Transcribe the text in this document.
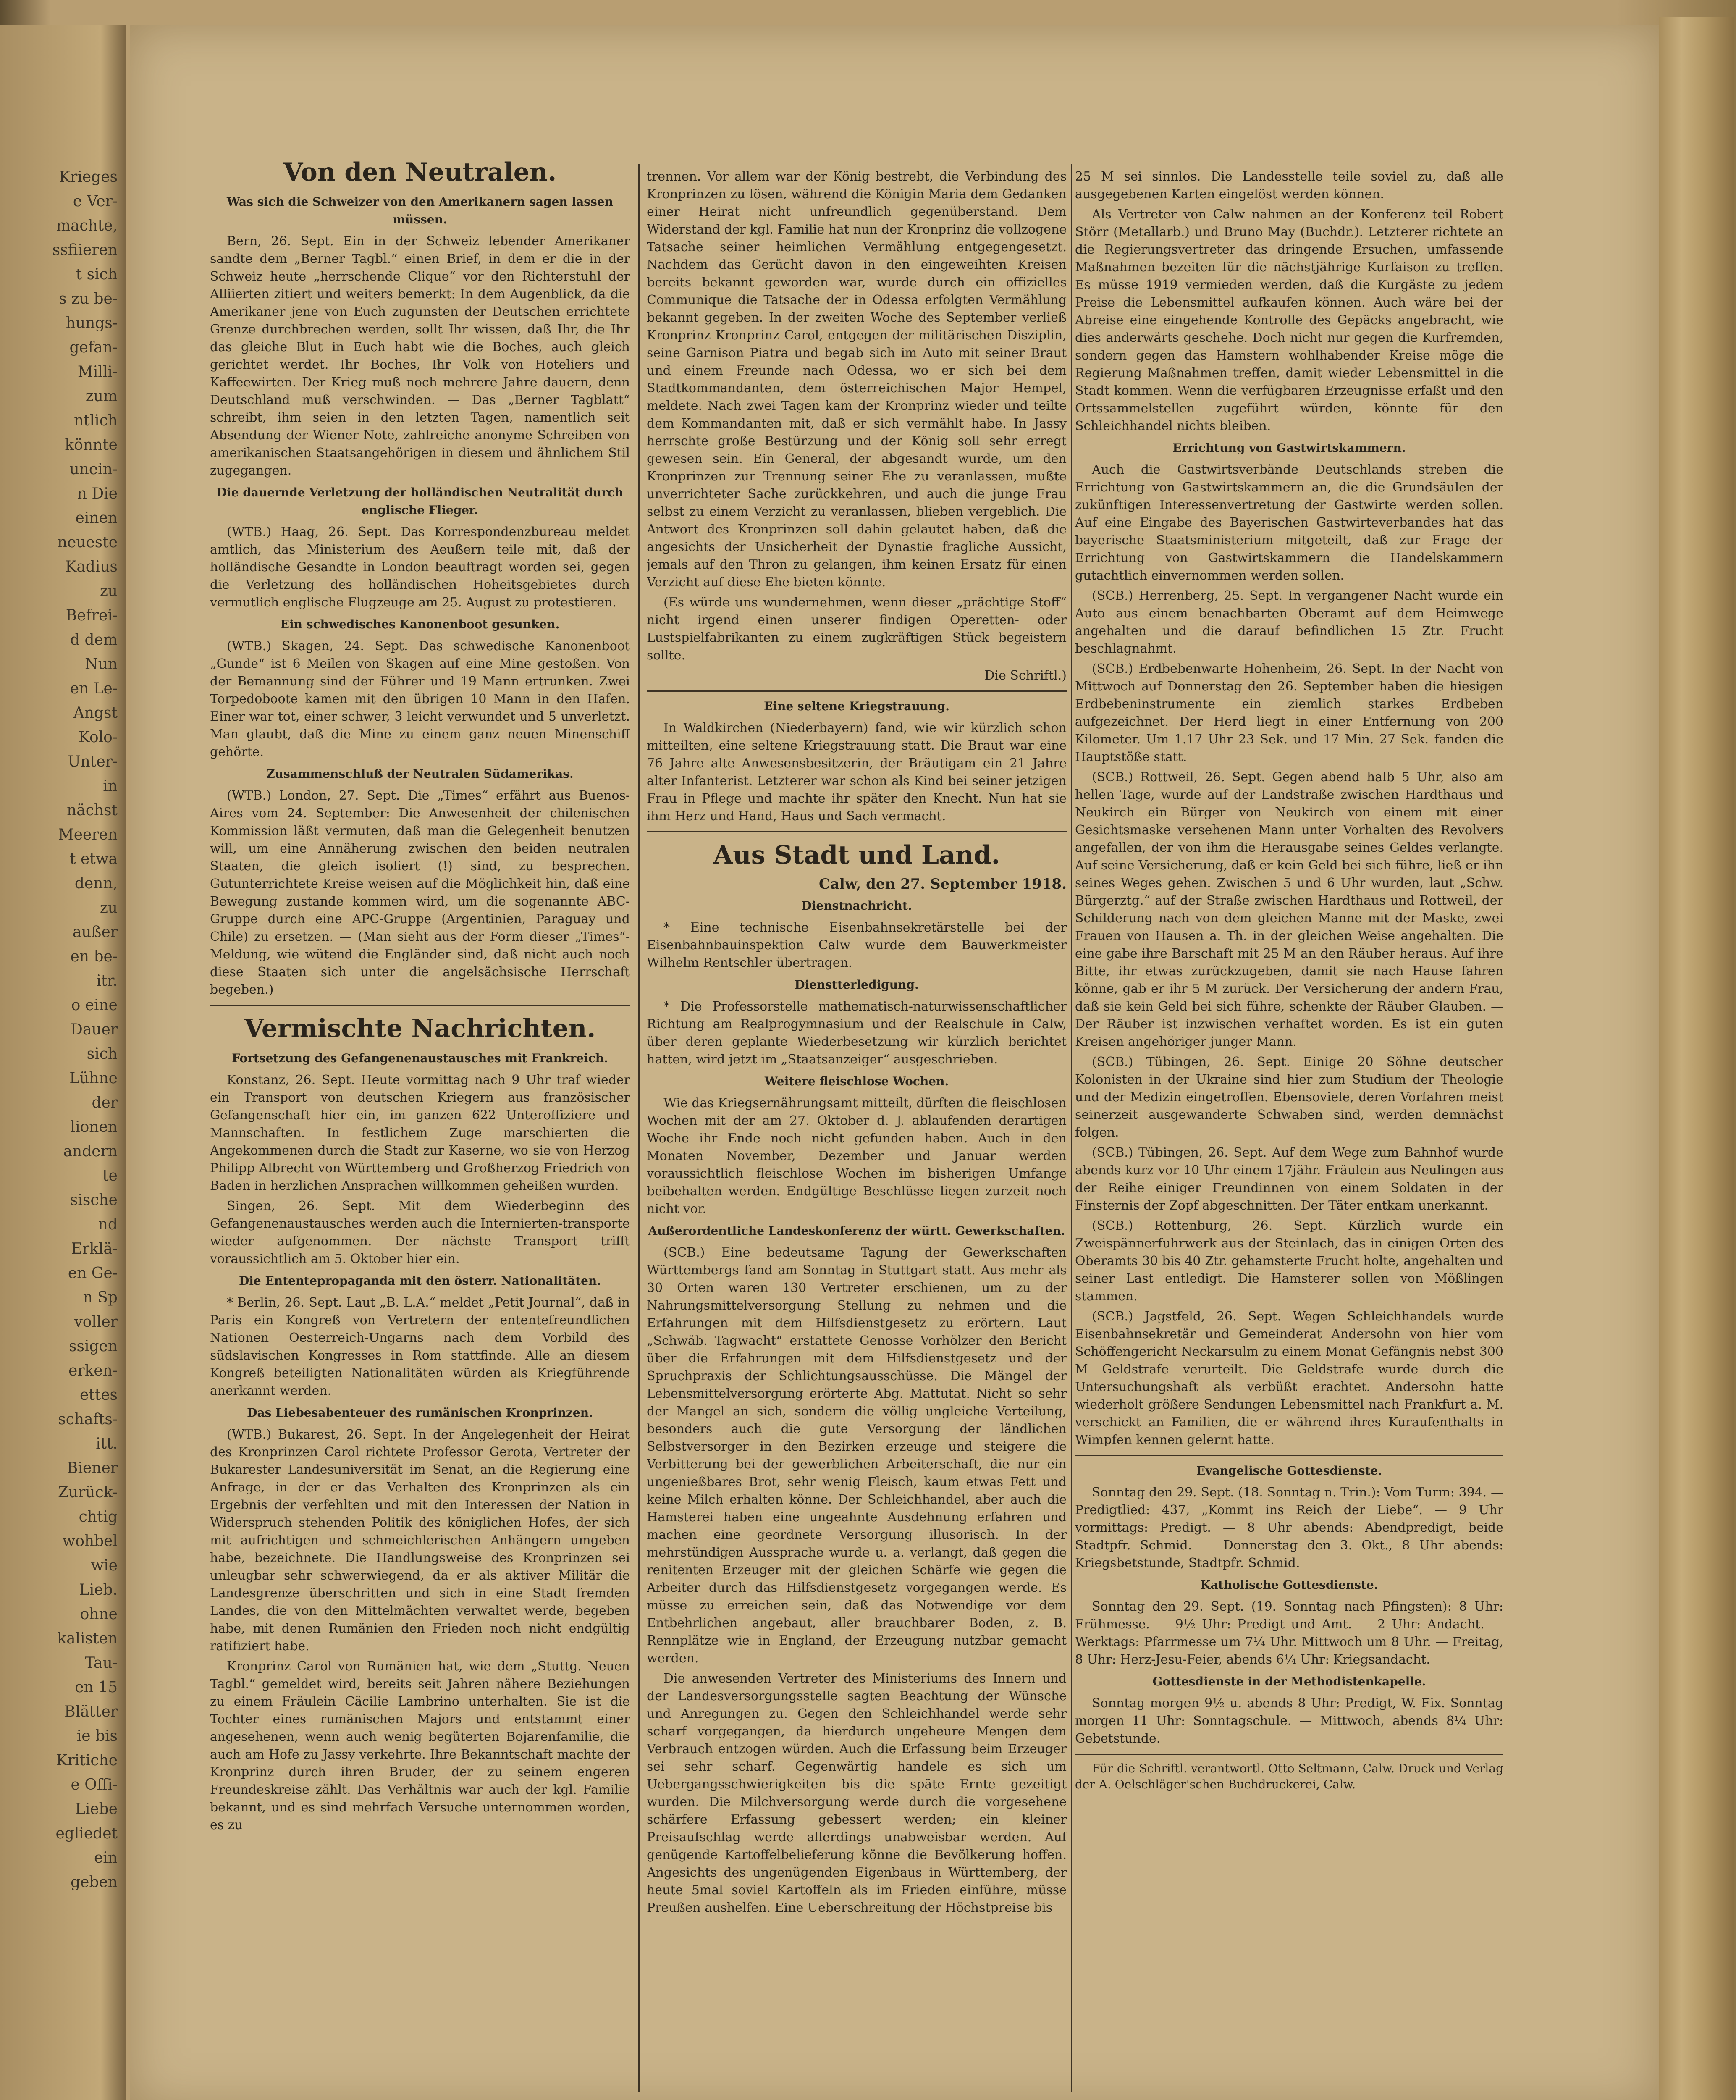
Krieges
e Ver-
machte,
ssfiieren
t sich
s zu be-
hungs-
gefan-
Milli-
zum
ntlich
könnte
unein-
n Die
einen
neueste
Kadius
zu
Befrei-
d dem
Nun
en Le-
Angst
Kolo-
Unter-
in
nächst
Meeren
t etwa
denn,
zu
außer
en be-
itr.
o eine
Dauer
sich
Lühne
der
lionen
andern
te
sische
nd
Erklä-
en Ge-
n Sp
voller
ssigen
erken-
ettes
schafts-
itt.
Biener
Zurück-
chtig
wohbel
wie
Lieb.
ohne
kalisten
Tau-
en 15
Blätter
ie bis
Kritiche
e Offi-
Liebe
egliedet
ein
geben
Von den Neutralen.
Was sich die Schweizer von den Amerikanern sagen lassen müssen.

Bern, 26. Sept. Ein in der Schweiz lebender Amerikaner sandte dem „Berner Tagbl.“ einen Brief, in dem er die in der Schweiz heute „herrschende Clique“ vor den Richterstuhl der Alliierten zitiert und weiters bemerkt: In dem Augenblick, da die Amerikaner jene von Euch zugunsten der Deutschen errichtete Grenze durchbrechen werden, sollt Ihr wissen, daß Ihr, die Ihr das gleiche Blut in Euch habt wie die Boches, auch gleich gerichtet werdet. Ihr Boches, Ihr Volk von Hoteliers und Kaffeewirten. Der Krieg muß noch mehrere Jahre dauern, denn Deutschland muß verschwinden. — Das „Berner Tagblatt“ schreibt, ihm seien in den letzten Tagen, namentlich seit Absendung der Wiener Note, zahlreiche anonyme Schreiben von amerikanischen Staatsangehörigen in diesem und ähnlichem Stil zugegangen.

Die dauernde Verletzung der holländischen Neutralität durch englische Flieger.

(WTB.) Haag, 26. Sept. Das Korrespondenzbureau meldet amtlich, das Ministerium des Aeußern teile mit, daß der holländische Gesandte in London beauftragt worden sei, gegen die Verletzung des holländischen Hoheitsgebietes durch vermutlich englische Flugzeuge am 25. August zu protestieren.

Ein schwedisches Kanonenboot gesunken.

(WTB.) Skagen, 24. Sept. Das schwedische Kanonenboot „Gunde“ ist 6 Meilen von Skagen auf eine Mine gestoßen. Von der Bemannung sind der Führer und 19 Mann ertrunken. Zwei Torpedoboote kamen mit den übrigen 10 Mann in den Hafen. Einer war tot, einer schwer, 3 leicht verwundet und 5 unverletzt. Man glaubt, daß die Mine zu einem ganz neuen Minenschiff gehörte.

Zusammenschluß der Neutralen Südamerikas.

(WTB.) London, 27. Sept. Die „Times“ erfährt aus Buenos-Aires vom 24. September: Die Anwesenheit der chilenischen Kommission läßt vermuten, daß man die Gelegenheit benutzen will, um eine Annäherung zwischen den beiden neutralen Staaten, die gleich isoliert (!) sind, zu besprechen. Gutunterrichtete Kreise weisen auf die Möglichkeit hin, daß eine Bewegung zustande kommen wird, um die sogenannte ABC-Gruppe durch eine APC-Gruppe (Argentinien, Paraguay und Chile) zu ersetzen. — (Man sieht aus der Form dieser „Times“-Meldung, wie wütend die Engländer sind, daß nicht auch noch diese Staaten sich unter die angelsächsische Herrschaft begeben.)

Vermischte Nachrichten.
Fortsetzung des Gefangenenaustausches mit Frankreich.

Konstanz, 26. Sept. Heute vormittag nach 9 Uhr traf wieder ein Transport von deutschen Kriegern aus französischer Gefangenschaft hier ein, im ganzen 622 Unteroffiziere und Mannschaften. In festlichem Zuge marschierten die Angekommenen durch die Stadt zur Kaserne, wo sie von Herzog Philipp Albrecht von Württemberg und Großherzog Friedrich von Baden in herzlichen Ansprachen willkommen geheißen wurden.

Singen, 26. Sept. Mit dem Wiederbeginn des Gefangenenaustausches werden auch die Internierten-transporte wieder aufgenommen. Der nächste Transport trifft voraussichtlich am 5. Oktober hier ein.

Die Ententepropaganda mit den österr. Nationalitäten.

* Berlin, 26. Sept. Laut „B. L.A.“ meldet „Petit Journal“, daß in Paris ein Kongreß von Vertretern der ententefreundlichen Nationen Oesterreich-Ungarns nach dem Vorbild des südslavischen Kongresses in Rom stattfinde. Alle an diesem Kongreß beteiligten Nationalitäten würden als Kriegführende anerkannt werden.

Das Liebesabenteuer des rumänischen Kronprinzen.

(WTB.) Bukarest, 26. Sept. In der Angelegenheit der Heirat des Kronprinzen Carol richtete Professor Gerota, Vertreter der Bukarester Landesuniversität im Senat, an die Regierung eine Anfrage, in der er das Verhalten des Kronprinzen als ein Ergebnis der verfehlten und mit den Interessen der Nation in Widerspruch stehenden Politik des königlichen Hofes, der sich mit aufrichtigen und schmeichlerischen Anhängern umgeben habe, bezeichnete. Die Handlungsweise des Kronprinzen sei unleugbar sehr schwerwiegend, da er als aktiver Militär die Landesgrenze überschritten und sich in eine Stadt fremden Landes, die von den Mittelmächten verwaltet werde, begeben habe, mit denen Rumänien den Frieden noch nicht endgültig ratifiziert habe.

Kronprinz Carol von Rumänien hat, wie dem „Stuttg. Neuen Tagbl.“ gemeldet wird, bereits seit Jahren nähere Beziehungen zu einem Fräulein Cäcilie Lambrino unterhalten. Sie ist die Tochter eines rumänischen Majors und entstammt einer angesehenen, wenn auch wenig begüterten Bojarenfamilie, die auch am Hofe zu Jassy verkehrte. Ihre Bekanntschaft machte der Kronprinz durch ihren Bruder, der zu seinem engeren Freundeskreise zählt. Das Verhältnis war auch der kgl. Familie bekannt, und es sind mehrfach Versuche unternommen worden, es zu

trennen. Vor allem war der König bestrebt, die Verbindung des Kronprinzen zu lösen, während die Königin Maria dem Gedanken einer Heirat nicht unfreundlich gegenüberstand. Dem Widerstand der kgl. Familie hat nun der Kronprinz die vollzogene Tatsache seiner heimlichen Vermählung entgegengesetzt. Nachdem das Gerücht davon in den eingeweihten Kreisen bereits bekannt geworden war, wurde durch ein offizielles Communique die Tatsache der in Odessa erfolgten Vermählung bekannt gegeben. In der zweiten Woche des September verließ Kronprinz Kronprinz Carol, entgegen der militärischen Disziplin, seine Garnison Piatra und begab sich im Auto mit seiner Braut und einem Freunde nach Odessa, wo er sich bei dem Stadtkommandanten, dem österreichischen Major Hempel, meldete. Nach zwei Tagen kam der Kronprinz wieder und teilte dem Kommandanten mit, daß er sich vermählt habe. In Jassy herrschte große Bestürzung und der König soll sehr erregt gewesen sein. Ein General, der abgesandt wurde, um den Kronprinzen zur Trennung seiner Ehe zu veranlassen, mußte unverrichteter Sache zurückkehren, und auch die junge Frau selbst zu einem Verzicht zu veranlassen, blieben vergeblich. Die Antwort des Kronprinzen soll dahin gelautet haben, daß die angesichts der Unsicherheit der Dynastie fragliche Aussicht, jemals auf den Thron zu gelangen, ihm keinen Ersatz für einen Verzicht auf diese Ehe bieten könnte.

(Es würde uns wundernehmen, wenn dieser „prächtige Stoff“ nicht irgend einen unserer findigen Operetten- oder Lustspielfabrikanten zu einem zugkräftigen Stück begeistern sollte.

Die Schriftl.)
Eine seltene Kriegstrauung.

In Waldkirchen (Niederbayern) fand, wie wir kürzlich schon mitteilten, eine seltene Kriegstrauung statt. Die Braut war eine 76 Jahre alte Anwesensbesitzerin, der Bräutigam ein 21 Jahre alter Infanterist. Letzterer war schon als Kind bei seiner jetzigen Frau in Pflege und machte ihr später den Knecht. Nun hat sie ihm Herz und Hand, Haus und Sach vermacht.

Aus Stadt und Land.
Calw, den 27. September 1918.
Dienstnachricht.

* Eine technische Eisenbahnsekretärstelle bei der Eisenbahnbauinspektion Calw wurde dem Bauwerkmeister Wilhelm Rentschler übertragen.

Dienstterledigung.

* Die Professorstelle mathematisch-naturwissenschaftlicher Richtung am Realprogymnasium und der Realschule in Calw, über deren geplante Wiederbesetzung wir kürzlich berichtet hatten, wird jetzt im „Staatsanzeiger“ ausgeschrieben.

Weitere fleischlose Wochen.

Wie das Kriegsernährungsamt mitteilt, dürften die fleischlosen Wochen mit der am 27. Oktober d. J. ablaufenden derartigen Woche ihr Ende noch nicht gefunden haben. Auch in den Monaten November, Dezember und Januar werden voraussichtlich fleischlose Wochen im bisherigen Umfange beibehalten werden. Endgültige Beschlüsse liegen zurzeit noch nicht vor.

Außerordentliche Landeskonferenz der württ. Gewerkschaften.

(SCB.) Eine bedeutsame Tagung der Gewerkschaften Württembergs fand am Sonntag in Stuttgart statt. Aus mehr als 30 Orten waren 130 Vertreter erschienen, um zu der Nahrungsmittelversorgung Stellung zu nehmen und die Erfahrungen mit dem Hilfsdienstgesetz zu erörtern. Laut „Schwäb. Tagwacht“ erstattete Genosse Vorhölzer den Bericht über die Erfahrungen mit dem Hilfsdienstgesetz und der Spruchpraxis der Schlichtungsausschüsse. Die Mängel der Lebensmittelversorgung erörterte Abg. Mattutat. Nicht so sehr der Mangel an sich, sondern die völlig ungleiche Verteilung, besonders auch die gute Versorgung der ländlichen Selbstversorger in den Bezirken erzeuge und steigere die Verbitterung bei der gewerblichen Arbeiterschaft, die nur ein ungenießbares Brot, sehr wenig Fleisch, kaum etwas Fett und keine Milch erhalten könne. Der Schleichhandel, aber auch die Hamsterei haben eine ungeahnte Ausdehnung erfahren und machen eine geordnete Versorgung illusorisch. In der mehrstündigen Aussprache wurde u. a. verlangt, daß gegen die renitenten Erzeuger mit der gleichen Schärfe wie gegen die Arbeiter durch das Hilfsdienstgesetz vorgegangen werde. Es müsse zu erreichen sein, daß das Notwendige vor dem Entbehrlichen angebaut, aller brauchbarer Boden, z. B. Rennplätze wie in England, der Erzeugung nutzbar gemacht werden.

Die anwesenden Vertreter des Ministeriums des Innern und der Landesversorgungsstelle sagten Beachtung der Wünsche und Anregungen zu. Gegen den Schleichhandel werde sehr scharf vorgegangen, da hierdurch ungeheure Mengen dem Verbrauch entzogen würden. Auch die Erfassung beim Erzeuger sei sehr scharf. Gegenwärtig handele es sich um Uebergangsschwierigkeiten bis die späte Ernte gezeitigt wurden. Die Milchversorgung werde durch die vorgesehene schärfere Erfassung gebessert werden; ein kleiner Preisaufschlag werde allerdings unabweisbar werden. Auf genügende Kartoffelbelieferung könne die Bevölkerung hoffen. Angesichts des ungenügenden Eigenbaus in Württemberg, der heute 5mal soviel Kartoffeln als im Frieden einführe, müsse Preußen aushelfen. Eine Ueberschreitung der Höchstpreise bis

25 M sei sinnlos. Die Landesstelle teile soviel zu, daß alle ausgegebenen Karten eingelöst werden können.

Als Vertreter von Calw nahmen an der Konferenz teil Robert Störr (Metallarb.) und Bruno May (Buchdr.). Letzterer richtete an die Regierungsvertreter das dringende Ersuchen, umfassende Maßnahmen bezeiten für die nächstjährige Kurfaison zu treffen. Es müsse 1919 vermieden werden, daß die Kurgäste zu jedem Preise die Lebensmittel aufkaufen können. Auch wäre bei der Abreise eine eingehende Kontrolle des Gepäcks angebracht, wie dies anderwärts geschehe. Doch nicht nur gegen die Kurfremden, sondern gegen das Hamstern wohlhabender Kreise möge die Regierung Maßnahmen treffen, damit wieder Lebensmittel in die Stadt kommen. Wenn die verfügbaren Erzeugnisse erfaßt und den Ortssammelstellen zugeführt würden, könnte für den Schleichhandel nichts bleiben.

Errichtung von Gastwirtskammern.

Auch die Gastwirtsverbände Deutschlands streben die Errichtung von Gastwirtskammern an, die die Grundsäulen der zukünftigen Interessenvertretung der Gastwirte werden sollen. Auf eine Eingabe des Bayerischen Gastwirteverbandes hat das bayerische Staatsministerium mitgeteilt, daß zur Frage der Errichtung von Gastwirtskammern die Handelskammern gutachtlich einvernommen werden sollen.

(SCB.) Herrenberg, 25. Sept. In vergangener Nacht wurde ein Auto aus einem benachbarten Oberamt auf dem Heimwege angehalten und die darauf befindlichen 15 Ztr. Frucht beschlagnahmt.

(SCB.) Erdbebenwarte Hohenheim, 26. Sept. In der Nacht von Mittwoch auf Donnerstag den 26. September haben die hiesigen Erdbebeninstrumente ein ziemlich starkes Erdbeben aufgezeichnet. Der Herd liegt in einer Entfernung von 200 Kilometer. Um 1.17 Uhr 23 Sek. und 17 Min. 27 Sek. fanden die Hauptstöße statt.

(SCB.) Rottweil, 26. Sept. Gegen abend halb 5 Uhr, also am hellen Tage, wurde auf der Landstraße zwischen Hardthaus und Neukirch ein Bürger von Neukirch von einem mit einer Gesichtsmaske versehenen Mann unter Vorhalten des Revolvers angefallen, der von ihm die Herausgabe seines Geldes verlangte. Auf seine Versicherung, daß er kein Geld bei sich führe, ließ er ihn seines Weges gehen. Zwischen 5 und 6 Uhr wurden, laut „Schw. Bürgerztg.“ auf der Straße zwischen Hardthaus und Rottweil, der Schilderung nach von dem gleichen Manne mit der Maske, zwei Frauen von Hausen a. Th. in der gleichen Weise angehalten. Die eine gabe ihre Barschaft mit 25 M an den Räuber heraus. Auf ihre Bitte, ihr etwas zurückzugeben, damit sie nach Hause fahren könne, gab er ihr 5 M zurück. Der Versicherung der andern Frau, daß sie kein Geld bei sich führe, schenkte der Räuber Glauben. — Der Räuber ist inzwischen verhaftet worden. Es ist ein guten Kreisen angehöriger junger Mann.

(SCB.) Tübingen, 26. Sept. Einige 20 Söhne deutscher Kolonisten in der Ukraine sind hier zum Studium der Theologie und der Medizin eingetroffen. Ebensoviele, deren Vorfahren meist seinerzeit ausgewanderte Schwaben sind, werden demnächst folgen.

(SCB.) Tübingen, 26. Sept. Auf dem Wege zum Bahnhof wurde abends kurz vor 10 Uhr einem 17jähr. Fräulein aus Neulingen aus der Reihe einiger Freundinnen von einem Soldaten in der Finsternis der Zopf abgeschnitten. Der Täter entkam unerkannt.

(SCB.) Rottenburg, 26. Sept. Kürzlich wurde ein Zweispännerfuhrwerk aus der Steinlach, das in einigen Orten des Oberamts 30 bis 40 Ztr. gehamsterte Frucht holte, angehalten und seiner Last entledigt. Die Hamsterer sollen von Mößlingen stammen.

(SCB.) Jagstfeld, 26. Sept. Wegen Schleichhandels wurde Eisenbahnsekretär und Gemeinderat Andersohn von hier vom Schöffengericht Neckarsulm zu einem Monat Gefängnis nebst 300 M Geldstrafe verurteilt. Die Geldstrafe wurde durch die Untersuchungshaft als verbüßt erachtet. Andersohn hatte wiederholt größere Sendungen Lebensmittel nach Frankfurt a. M. verschickt an Familien, die er während ihres Kuraufenthalts in Wimpfen kennen gelernt hatte.

Evangelische Gottesdienste.

Sonntag den 29. Sept. (18. Sonntag n. Trin.): Vom Turm: 394. — Predigtlied: 437, „Kommt ins Reich der Liebe“. — 9 Uhr vormittags: Predigt. — 8 Uhr abends: Abendpredigt, beide Stadtpfr. Schmid. — Donnerstag den 3. Okt., 8 Uhr abends: Kriegsbetstunde, Stadtpfr. Schmid.

Katholische Gottesdienste.

Sonntag den 29. Sept. (19. Sonntag nach Pfingsten): 8 Uhr: Frühmesse. — 9½ Uhr: Predigt und Amt. — 2 Uhr: Andacht. — Werktags: Pfarrmesse um 7¼ Uhr. Mittwoch um 8 Uhr. — Freitag, 8 Uhr: Herz-Jesu-Feier, abends 6¼ Uhr: Kriegsandacht.

Gottesdienste in der Methodistenkapelle.

Sonntag morgen 9½ u. abends 8 Uhr: Predigt, W. Fix. Sonntag morgen 11 Uhr: Sonntagschule. — Mittwoch, abends 8¼ Uhr: Gebetstunde.

Für die Schriftl. verantwortl. Otto Seltmann, Calw. Druck und Verlag der A. Oelschläger'schen Buchdruckerei, Calw.
